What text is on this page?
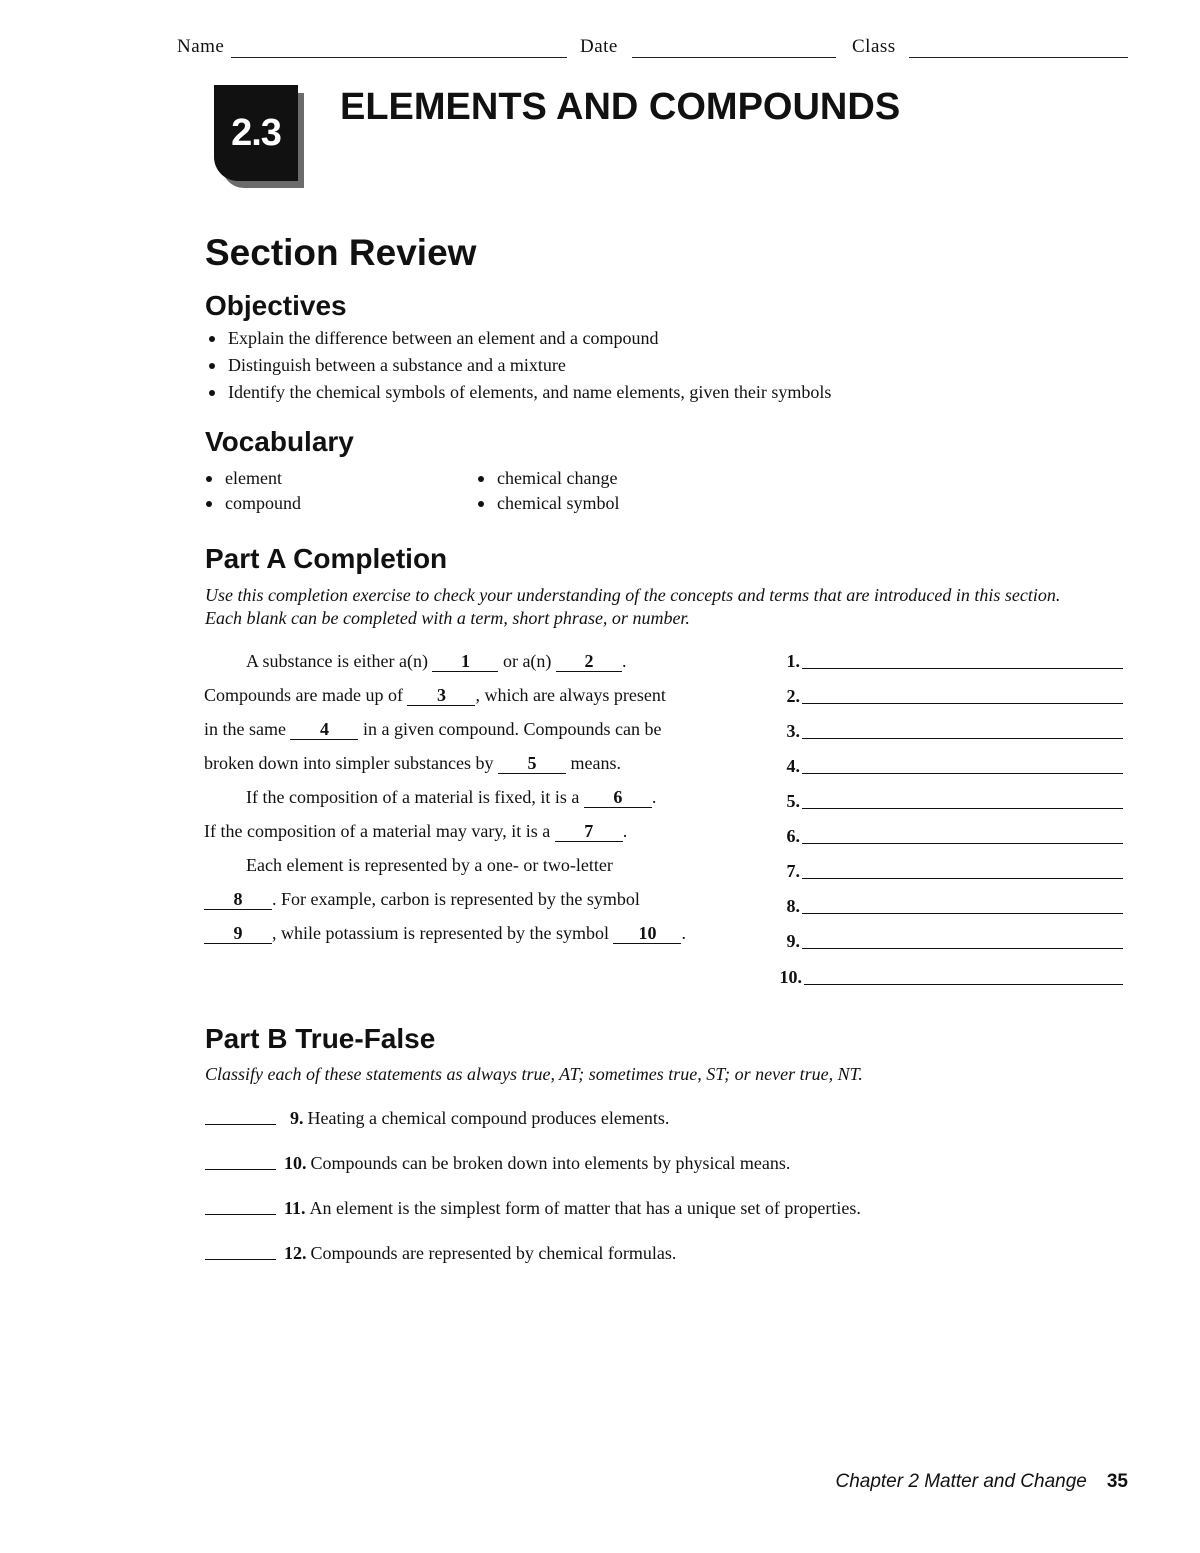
Name	Date	Class
2.3
ELEMENTS AND COMPOUNDS
Section Review
Objectives
Explain the difference between an element and a compound
Distinguish between a substance and a mixture
Identify the chemical symbols of elements, and name elements, given their symbols
Vocabulary
element
compound
chemical change
chemical symbol
Part A Completion
Use this completion exercise to check your understanding of the concepts and terms that are introduced in this section. Each blank can be completed with a term, short phrase, or number.
A substance is either a(n) 1 or a(n) 2 .
Compounds are made up of 3 , which are always present
in the same 4 in a given compound. Compounds can be
broken down into simpler substances by 5 means.
If the composition of a material is fixed, it is a 6 .
If the composition of a material may vary, it is a 7 .
Each element is represented by a one- or two-letter
8 . For example, carbon is represented by the symbol
9 , while potassium is represented by the symbol 10 .
1.
2.
3.
4.
5.
6.
7.
8.
9.
10.
Part B True-False
Classify each of these statements as always true, AT; sometimes true, ST; or never true, NT.
9. Heating a chemical compound produces elements.
10. Compounds can be broken down into elements by physical means.
11. An element is the simplest form of matter that has a unique set of properties.
12. Compounds are represented by chemical formulas.
Chapter 2 Matter and Change 35
